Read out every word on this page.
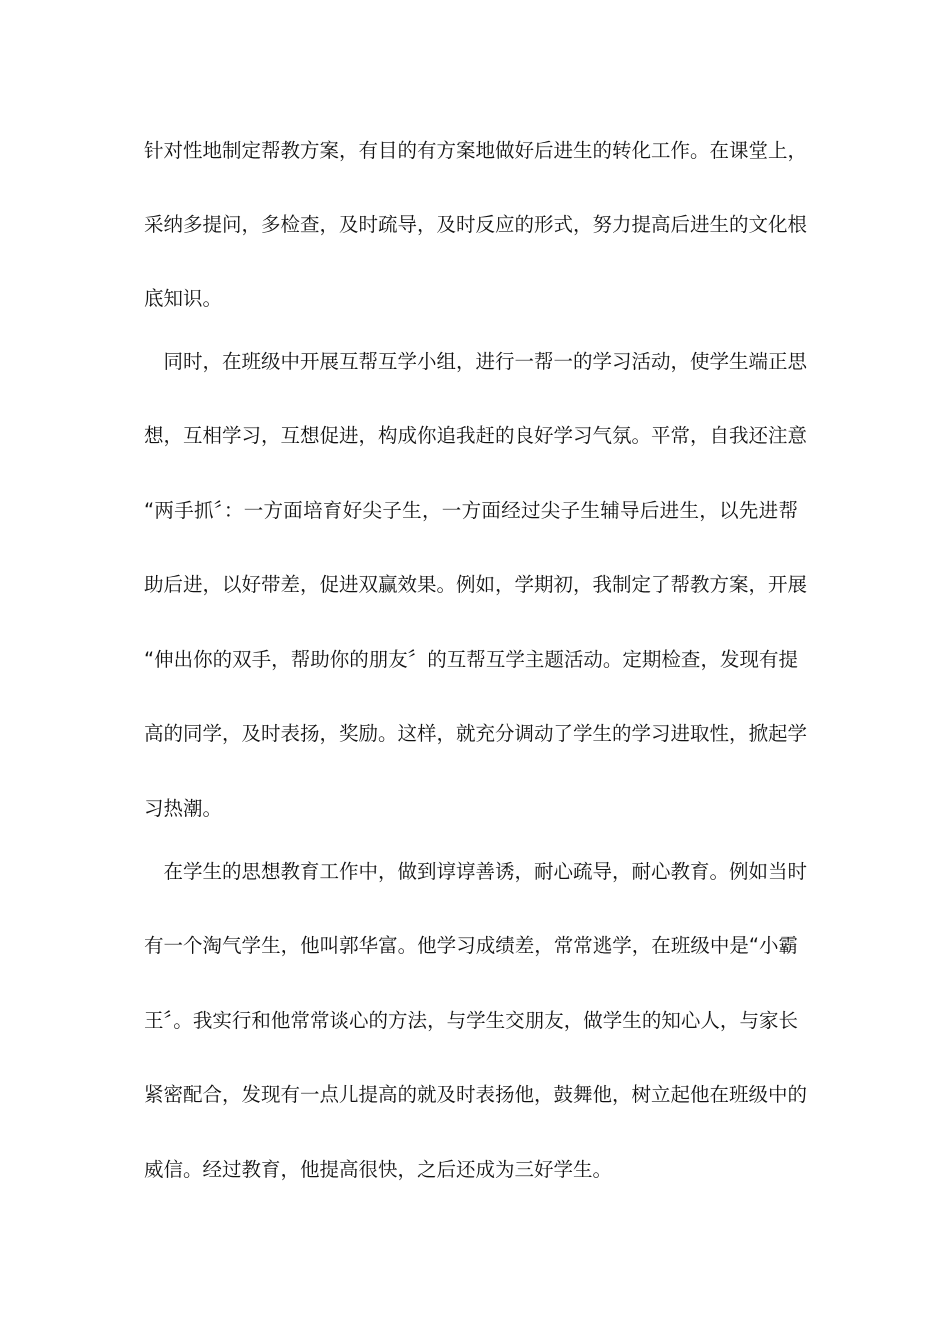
针对性地制定帮教方案，有目的有方案地做好后进生的转化工作。在课堂上，
采纳多提问，多检查，及时疏导，及时反应的形式，努力提高后进生的文化根
底知识。
　同时，在班级中开展互帮互学小组，进行一帮一的学习活动，使学生端正思
想，互相学习，互想促进，构成你追我赶的良好学习气氛。平常，自我还注意
“两手抓〞：一方面培育好尖子生，一方面经过尖子生辅导后进生，以先进帮
助后进，以好带差，促进双赢效果。例如，学期初，我制定了帮教方案，开展
“伸出你的双手，帮助你的朋友〞的互帮互学主题活动。定期检查，发现有提
高的同学，及时表扬，奖励。这样，就充分调动了学生的学习进取性，掀起学
习热潮。
　在学生的思想教育工作中，做到谆谆善诱，耐心疏导，耐心教育。例如当时
有一个淘气学生，他叫郭华富。他学习成绩差，常常逃学，在班级中是“小霸
王〞。我实行和他常常谈心的方法，与学生交朋友，做学生的知心人，与家长
紧密配合，发现有一点儿提高的就及时表扬他，鼓舞他，树立起他在班级中的
威信。经过教育，他提高很快，之后还成为三好学生。
